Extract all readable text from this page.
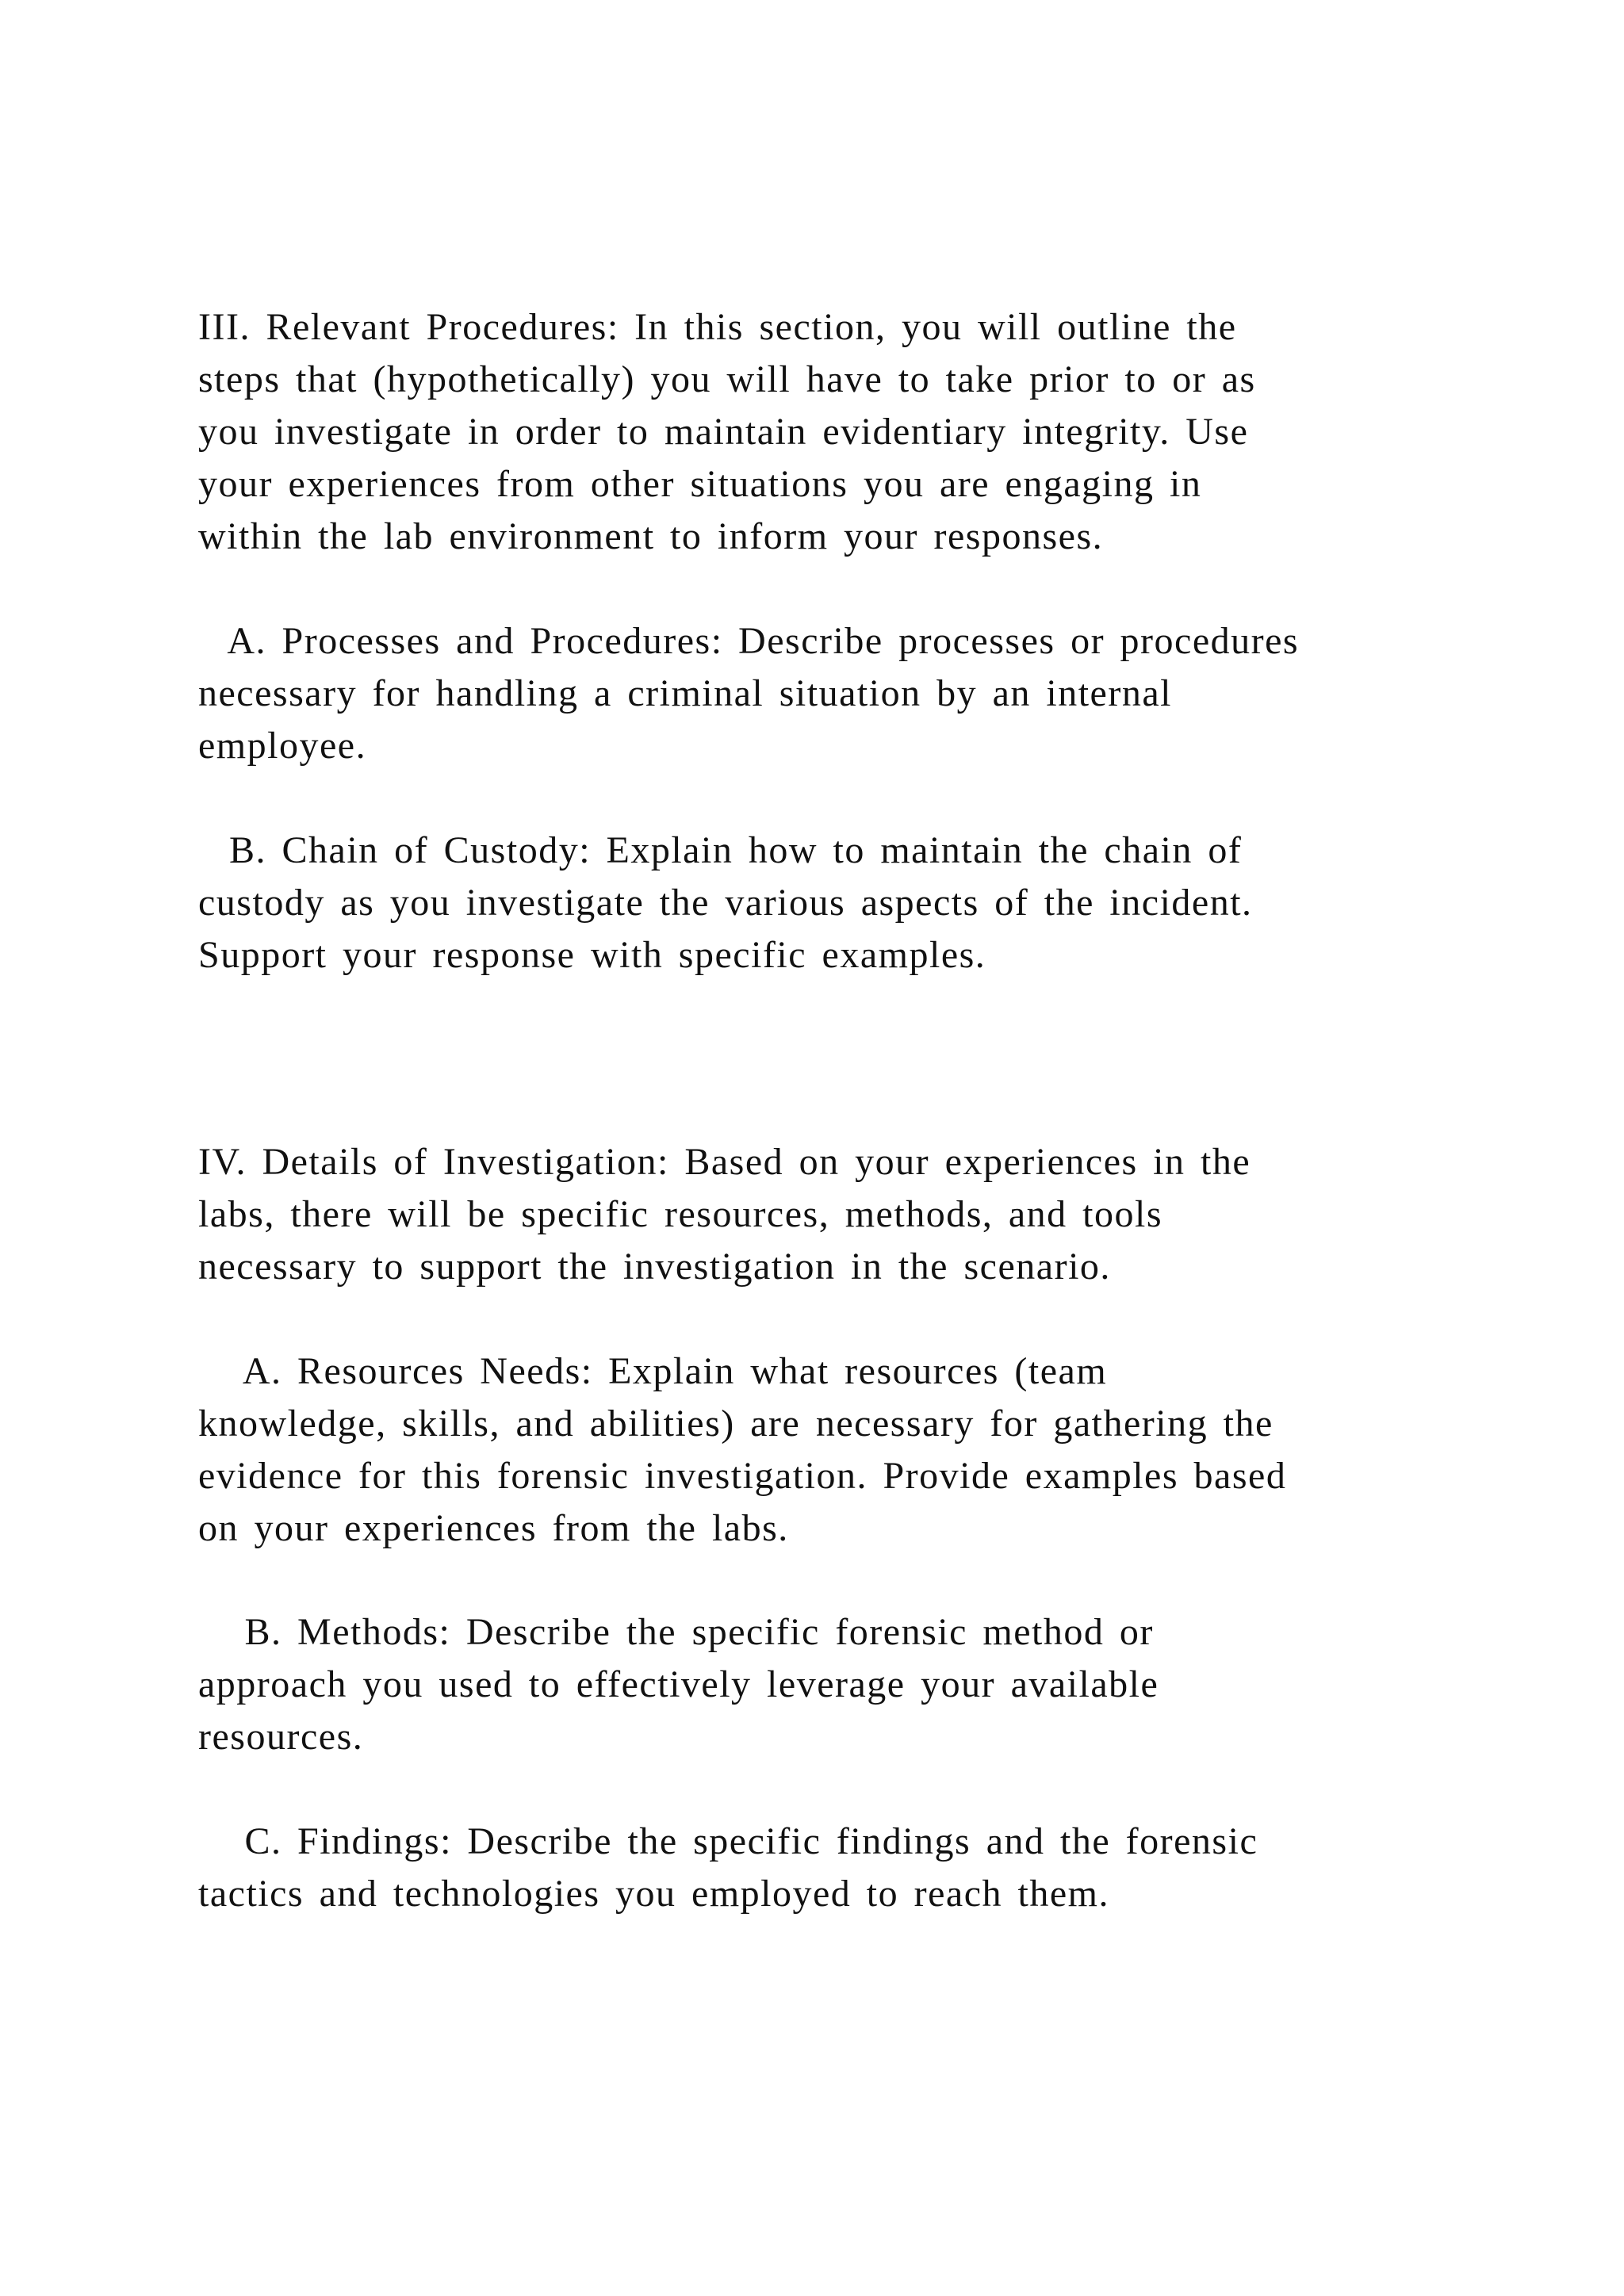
III. Relevant Procedures: In this section, you will outline the
steps that (hypothetically) you will have to take prior to or as
you investigate in order to maintain evidentiary integrity. Use
your experiences from other situations you are engaging in
within the lab environment to inform your responses.
A. Processes and Procedures: Describe processes or procedures
necessary for handling a criminal situation by an internal
employee.
B. Chain of Custody: Explain how to maintain the chain of
custody as you investigate the various aspects of the incident.
Support your response with specific examples.
IV. Details of Investigation: Based on your experiences in the
labs, there will be specific resources, methods, and tools
necessary to support the investigation in the scenario.
A. Resources Needs: Explain what resources (team
knowledge, skills, and abilities) are necessary for gathering the
evidence for this forensic investigation. Provide examples based
on your experiences from the labs.
B. Methods: Describe the specific forensic method or
approach you used to effectively leverage your available
resources.
C. Findings: Describe the specific findings and the forensic
tactics and technologies you employed to reach them.
